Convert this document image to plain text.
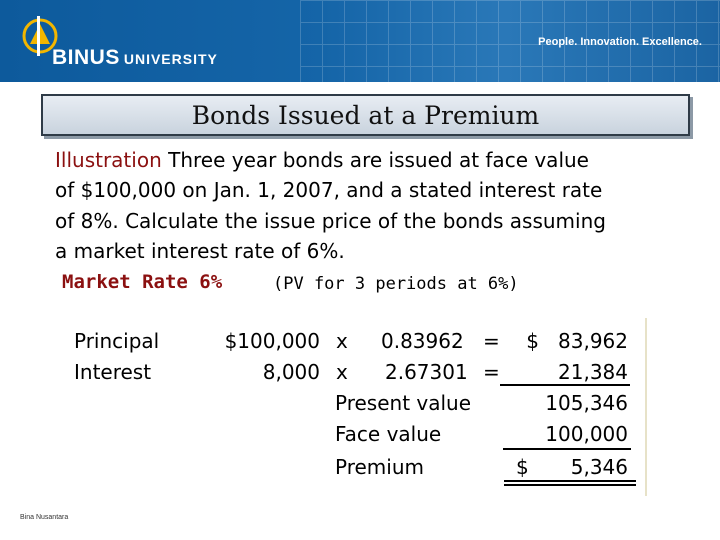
BINUS UNIVERSITY
People. Innovation. Excellence.
Bonds Issued at a Premium
Illustration Three year bonds are issued at face value
of $100,000 on Jan. 1, 2007, and a stated interest rate
of 8%. Calculate the issue price of the bonds assuming
a market interest rate of 6%.
Market Rate 6%	(PV for 3 periods at 6%)
Principal	$100,000 x 0.83962 =	$   83,962
Interest	8,000 x 2.67301 =	21,384
Present value	105,346
Face value	100,000
Premium	$	5,346
Bina Nusantara
